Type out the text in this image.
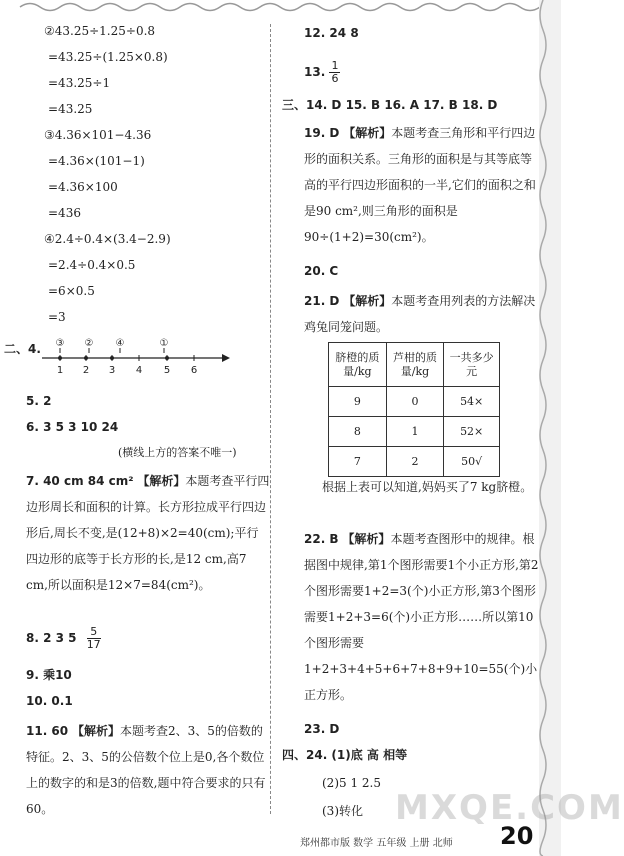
②43.25÷1.25÷0.8
=43.25÷(1.25×0.8)
=43.25÷1
=43.25
③4.36×101−4.36
=4.36×(101−1)
=4.36×100
=436
④2.4÷0.4×(3.4−2.9)
=2.4÷0.4×0.5
=6×0.5
=3
二、4.
1 2 3 4 5 6
③ ② ④	①
5. 2
6. 3 5 3 10 24
(横线上方的答案不唯一)
7. 40 cm 84 cm² 【解析】本题考查平行四边形周长和面积的计算。长方形拉成平行四边形后,周长不变,是(12+8)×2=40(cm);平行四边形的底等于长方形的长,是12 cm,高7 cm,所以面积是12×7=84(cm²)。
8. 2 3 $5 \frac{5}{17}$
9. 乘10
10. 0.1
11. 60 【解析】本题考查2、3、5的倍数的特征。2、3、5的公倍数个位上是0,各个数位上的数字的和是3的倍数,题中符合要求的只有60。
12. 24 8
13. $\frac{1}{6}$
三、14. D 15. B 16. A 17. B 18. D
19. D 【解析】本题考查三角形和平行四边形的面积关系。三角形的面积是与其等底等高的平行四边形面积的一半,它们的面积之和是90 cm²,则三角形的面积是90÷(1+2)=30(cm²)。
20. C
21. D 【解析】本题考查用列表的方法解决鸡兔同笼问题。
脐橙的质量/kg	芦柑的质量/kg	一共多少元
9	0	54×
8	1	52×
7	2	50√
根据上表可以知道,妈妈买了7 kg脐橙。
22. B 【解析】本题考查图形中的规律。根据图中规律,第1个图形需要1个小正方形,第2个图形需要1+2=3(个)小正方形,第3个图形需要1+2+3=6(个)小正方形……所以第10个图形需要1+2+3+4+5+6+7+8+9+10=55(个)小正方形。
23. D
四、24. (1)底 高 相等
(2)5 1 2.5
(3)转化 MXQE.COM
郑州都市版 数学 五年级 上册 北师 20
